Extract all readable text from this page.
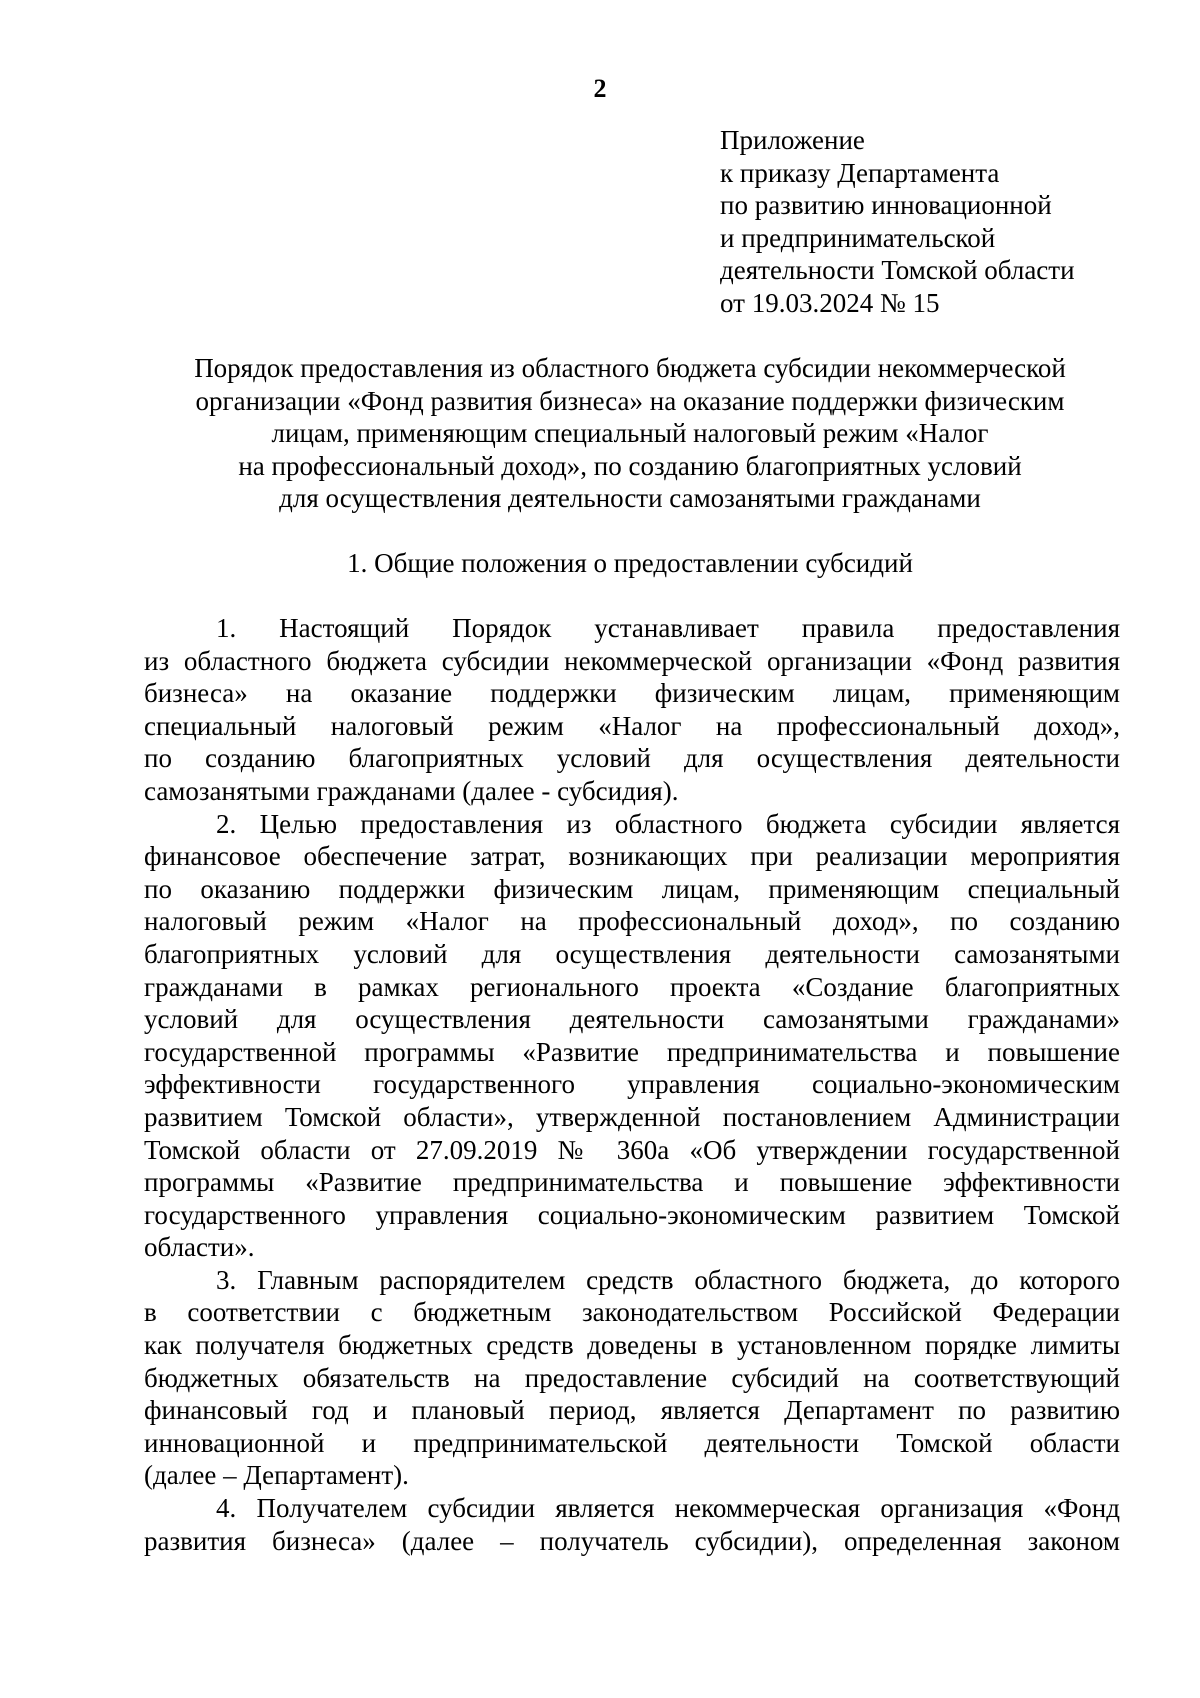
2
Приложение
к приказу Департамента
по развитию инновационной
и предпринимательской
деятельности Томской области
от 19.03.2024 № 15
Порядок предоставления из областного бюджета субсидии некоммерческой
организации «Фонд развития бизнеса» на оказание поддержки физическим
лицам, применяющим специальный налоговый режим «Налог
на профессиональный доход», по созданию благоприятных условий
для осуществления деятельности самозанятыми гражданами
1. Общие положения о предоставлении субсидий
1. Настоящий Порядок устанавливает правила предоставления
из областного бюджета субсидии некоммерческой организации «Фонд развития
бизнеса» на оказание поддержки физическим лицам, применяющим
специальный налоговый режим «Налог на профессиональный доход»,
по созданию благоприятных условий для осуществления деятельности
самозанятыми гражданами (далее - субсидия).
2. Целью предоставления из областного бюджета субсидии является
финансовое обеспечение затрат, возникающих при реализации мероприятия
по оказанию поддержки физическим лицам, применяющим специальный
налоговый режим «Налог на профессиональный доход», по созданию
благоприятных условий для осуществления деятельности самозанятыми
гражданами в рамках регионального проекта «Создание благоприятных
условий для осуществления деятельности самозанятыми гражданами»
государственной программы «Развитие предпринимательства и повышение
эффективности государственного управления социально-экономическим
развитием Томской области», утвержденной постановлением Администрации
Томской области от 27.09.2019 № 360а «Об утверждении государственной
программы «Развитие предпринимательства и повышение эффективности
государственного управления социально-экономическим развитием Томской
области».
3. Главным распорядителем средств областного бюджета, до которого
в соответствии с бюджетным законодательством Российской Федерации
как получателя бюджетных средств доведены в установленном порядке лимиты
бюджетных обязательств на предоставление субсидий на соответствующий
финансовый год и плановый период, является Департамент по развитию
инновационной и предпринимательской деятельности Томской области
(далее – Департамент).
4. Получателем субсидии является некоммерческая организация «Фонд
развития бизнеса» (далее – получатель субсидии), определенная законом
